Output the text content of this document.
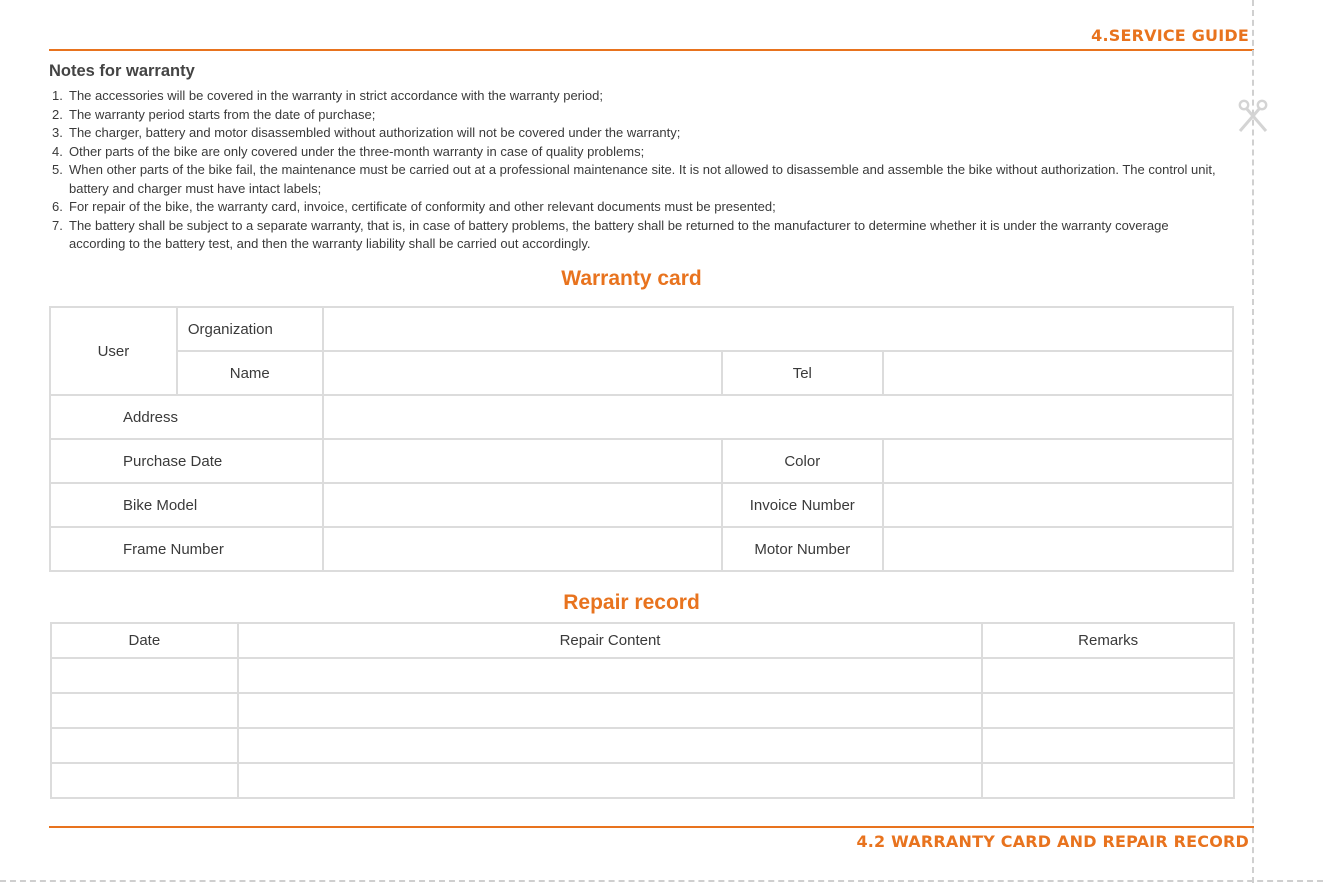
4.SERVICE GUIDE
Notes for warranty
1. The accessories will be covered in the warranty in strict accordance with the warranty period;
2. The warranty period starts from the date of purchase;
3. The charger, battery and motor disassembled without authorization will not be covered under the warranty;
4. Other parts of the bike are only covered under the three-month warranty in case of quality problems;
5. When other parts of the bike fail, the maintenance must be carried out at a professional maintenance site. It is not allowed to disassemble and assemble the bike without authorization. The control unit, battery and charger must have intact labels;
6. For repair of the bike, the warranty card, invoice, certificate of conformity and other relevant documents must be presented;
7. The battery shall be subject to a separate warranty, that is, in case of battery problems, the battery shall be returned to the manufacturer to determine whether it is under the warranty coverage according to the battery test, and then the warranty liability shall be carried out accordingly.
Warranty card
User	Organization			
	Name		Tel	
Address				
Purchase Date			Color	
Bike Model			Invoice Number	
Frame Number			Motor Number	
Repair record
Date	Repair Content	Remarks

4.2 WARRANTY CARD AND REPAIR RECORD
